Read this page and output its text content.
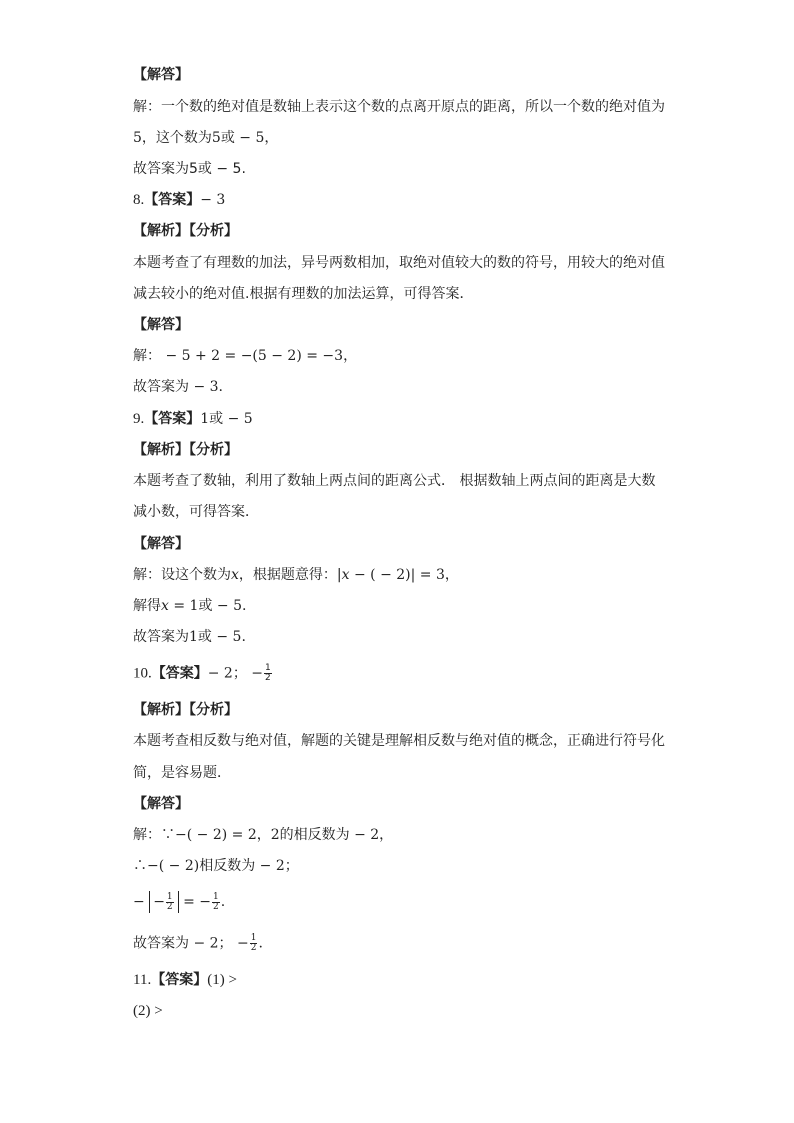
【解答】
解：一个数的绝对值是数轴上表示这个数的点离开原点的距离，所以一个数的绝对值为
5，这个数为5或 − 5，
故答案为5或 − 5.
8.【答案】− 3
【解析】【分析】
本题考查了有理数的加法，异号两数相加，取绝对值较大的数的符号，用较大的绝对值
减去较小的绝对值.根据有理数的加法运算，可得答案．
【解答】
解： − 5 + 2 = −(5 − 2) = −3，
故答案为 − 3.
9.【答案】1或 − 5
【解析】【分析】
本题考查了数轴，利用了数轴上两点间的距离公式． 根据数轴上两点间的距离是大数
减小数，可得答案．
【解答】
解：设这个数为x，根据题意得：|x − ( − 2)| = 3，
解得x = 1或 − 5.
故答案为1或 − 5.
10.【答案】− 2； − $\frac{1}{2}$
【解析】【分析】
本题考查相反数与绝对值，解题的关键是理解相反数与绝对值的概念，正确进行符号化
简，是容易题．
【解答】
解：∵−( − 2) = 2，2的相反数为 − 2，
∴−( − 2)相反数为 − 2；
− − $\frac{1}{2}$ = − $\frac{1}{2}$ .
故答案为 − 2； − $\frac{1}{2}$ .
11.【答案】(1) >
(2) >
